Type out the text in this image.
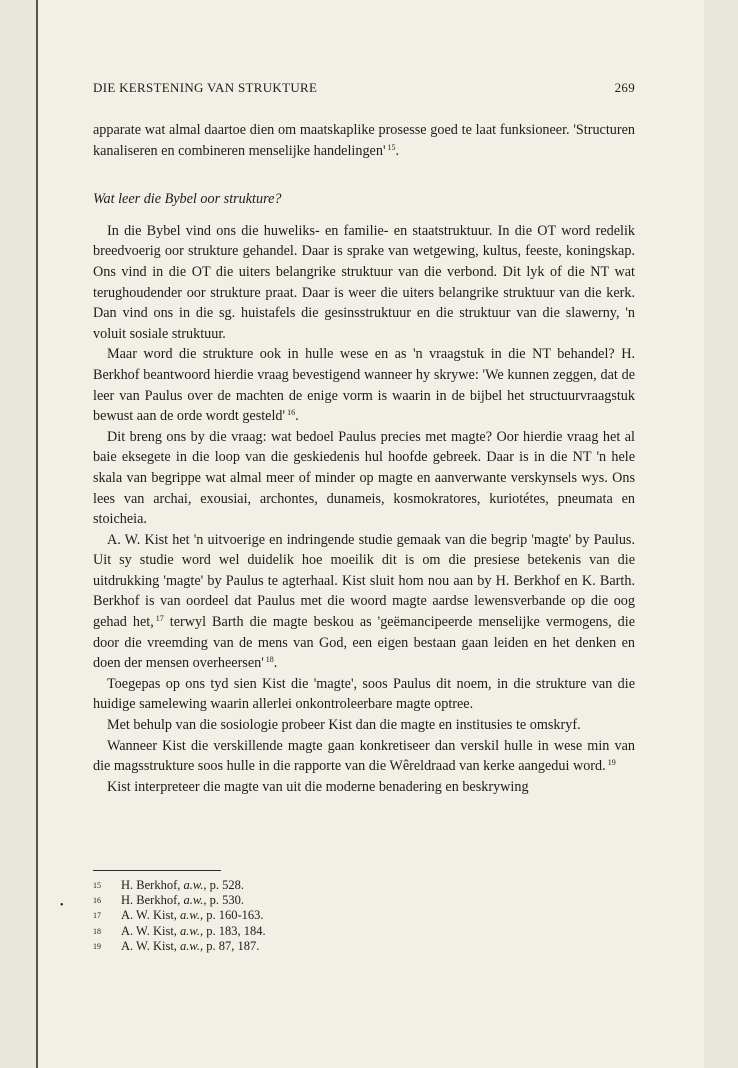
DIE KERSTENING VAN STRUKTURE	269

apparate wat almal daartoe dien om maatskaplike prosesse goed te laat funksioneer. 'Structuren kanaliseren en combineren menselijke handelingen' $^{15}$.

Wat leer die Bybel oor strukture?

In die Bybel vind ons die huweliks- en familie- en staatstruktuur. In die OT word redelik breedvoerig oor strukture gehandel. Daar is sprake van wetgewing, kultus, feeste, koningskap. Ons vind in die OT die uiters belangrike struktuur van die verbond. Dit lyk of die NT wat terughoudender oor strukture praat. Daar is weer die uiters belangrike struktuur van die kerk. Dan vind ons in die sg. huistafels die gesinsstruktuur en die struktuur van die slawerny, 'n voluit sosiale struktuur.

Maar word die strukture ook in hulle wese en as 'n vraagstuk in die NT behandel? H. Berkhof beantwoord hierdie vraag bevestigend wanneer hy skrywe: 'We kunnen zeggen, dat de leer van Paulus over de machten de enige vorm is waarin in de bijbel het structuurvraagstuk bewust aan de orde wordt gesteld' $^{16}$.

Dit breng ons by die vraag: wat bedoel Paulus precies met magte? Oor hierdie vraag het al baie eksegete in die loop van die geskiedenis hul hoofde gebreek. Daar is in die NT 'n hele skala van begrippe wat almal meer of minder op magte en aanverwante verskynsels wys. Ons lees van archai, exousiai, archontes, dunameis, kosmokratores, kuriotétes, pneumata en stoicheia.

A. W. Kist het 'n uitvoerige en indringende studie gemaak van die begrip 'magte' by Paulus. Uit sy studie word wel duidelik hoe moeilik dit is om die presiese betekenis van die uitdrukking 'magte' by Paulus te agterhaal. Kist sluit hom nou aan by H. Berkhof en K. Barth. Berkhof is van oordeel dat Paulus met die woord magte aardse lewensverbande op die oog gehad het, $^{17}$ terwyl Barth die magte beskou as 'geëmancipeerde menselijke vermogens, die door die vreemding van de mens van God, een eigen bestaan gaan leiden en het denken en doen der mensen overheersen' $^{18}$.

Toegepas op ons tyd sien Kist die 'magte', soos Paulus dit noem, in die strukture van die huidige samelewing waarin allerlei onkontroleerbare magte optree.

Met behulp van die sosiologie probeer Kist dan die magte en institusies te omskryf.

Wanneer Kist die verskillende magte gaan konkretiseer dan verskil hulle in wese min van die magsstrukture soos hulle in die rapporte van die Wêreldraad van kerke aangedui word. $^{19}$

Kist interpreteer die magte van uit die moderne benadering en beskrywing

15	H. Berkhof, a.w., p. 528.
16	H. Berkhof, a.w., p. 530.
17	A. W. Kist, a.w., p. 160-163.
18	A. W. Kist, a.w., p. 183, 184.
19	A. W. Kist, a.w., p. 87, 187.
•
